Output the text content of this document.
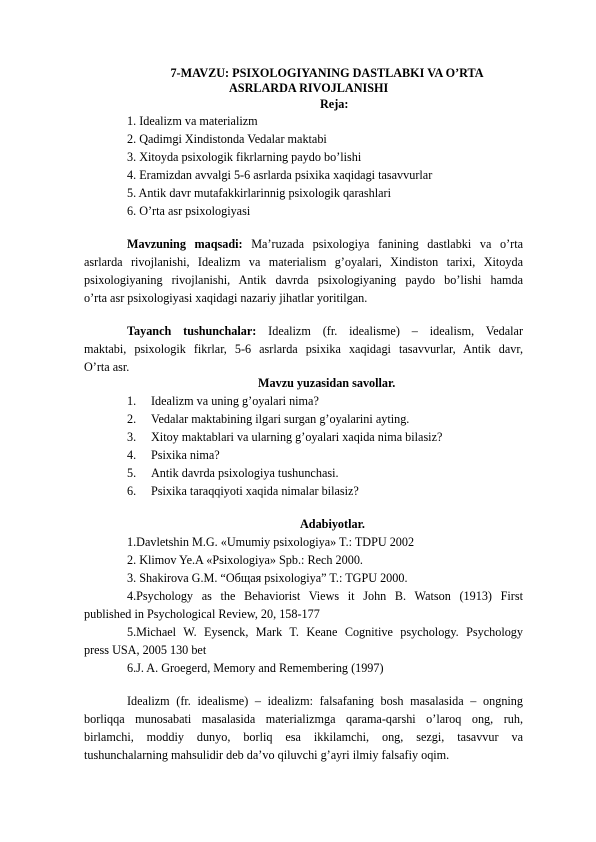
7-MAVZU: PSIXOLOGIYANING DASTLABKI VA O’RTA
ASRLARDA RIVOJLANISHI
Reja:
1. Idealizm va materializm
2. Qadimgi Xindistonda Vedalar maktabi
3. Xitoyda psixologik fikrlarning paydo bo’lishi
4. Eramizdan avvalgi 5-6 asrlarda psixika xaqidagi tasavvurlar
5. Antik davr mutafakkirlarinnig psixologik qarashlari
6. O’rta asr psixologiyasi
Mavzuning maqsadi: Ma’ruzada psixologiya fanining dastlabki va o’rta
asrlarda rivojlanishi, Idealizm va materialism g’oyalari, Xindiston tarixi, Xitoyda
psixologiyaning rivojlanishi, Antik davrda psixologiyaning paydo bo’lishi hamda
o’rta asr psixologiyasi xaqidagi nazariy jihatlar yoritilgan.
Tayanch tushunchalar: Idealizm (fr. idealisme) – idealism, Vedalar
maktabi, psixologik fikrlar, 5-6 asrlarda psixika xaqidagi tasavvurlar, Antik davr,
O’rta asr.
Mavzu yuzasidan savollar.
1. Idealizm va uning g’oyalari nima?
2. Vedalar maktabining ilgari surgan g’oyalarini ayting.
3. Xitoy maktablari va ularning g’oyalari xaqida nima bilasiz?
4. Psixika nima?
5. Antik davrda psixologiya tushunchasi.
6. Psixika taraqqiyoti xaqida nimalar bilasiz?
Adabiyotlar.
1.Davletshin M.G. «Umumiy psixologiya» T.: TDPU 2002
2. Klimov Ye.A «Psixologiya» Spb.: Rech 2000.
3. Shakirova G.M. “Общая psixologiya” T.: TGPU 2000.
4.Psychology as the Behaviorist Views it John B. Watson (1913) First
published in Psychological Review, 20, 158-177
5.Michael W. Eysenck, Mark T. Keane Cognitive psychology. Psychology
press USA, 2005 130 bet
6.J. A. Groegerd, Memory and Remembering (1997)
Idealizm (fr. idealisme) – idealizm: falsafaning bosh masalasida – ongning
borliqqa munosabati masalasida materializmga qarama-qarshi o’laroq ong, ruh,
birlamchi, moddiy dunyo, borliq esa ikkilamchi, ong, sezgi, tasavvur va
tushunchalarning mahsulidir deb da’vo qiluvchi g’ayri ilmiy falsafiy oqim.
